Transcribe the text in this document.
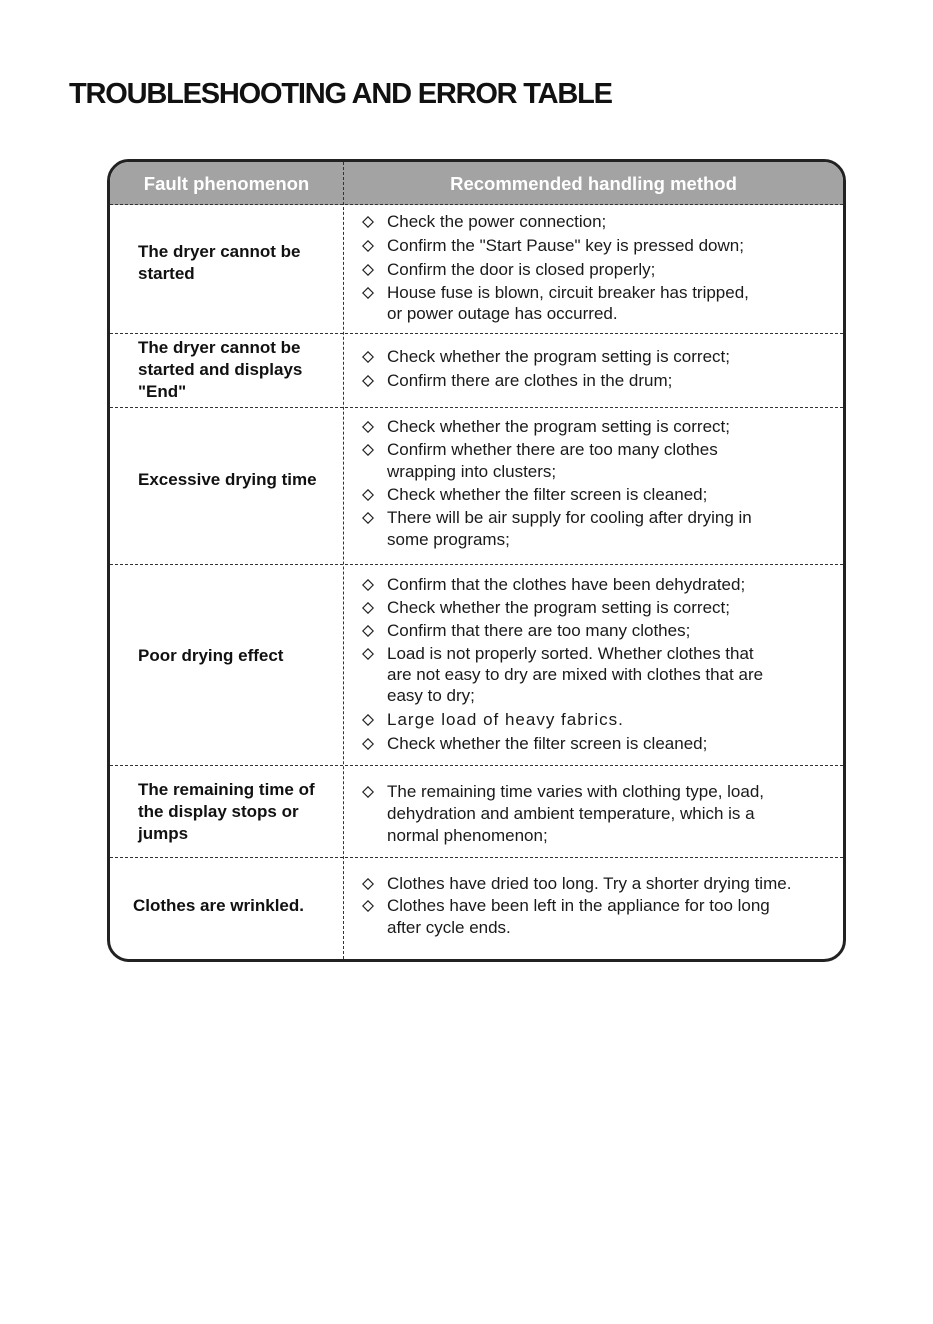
TROUBLESHOOTING AND ERROR TABLE
Fault phenomenon	Recommended handling method
The dryer cannot be
started
Check the power connection;
Confirm the "Start Pause" key is pressed down;
Confirm the door is closed properly;
House fuse is blown, circuit breaker has tripped,
or power outage has occurred.
The dryer cannot be
started and displays
"End"
Check whether the program setting is correct;
Confirm there are clothes in the drum;
Excessive drying time
Check whether the program setting is correct;
Confirm whether there are too many clothes
wrapping into clusters;
Check whether the filter screen is cleaned;
There will be air supply for cooling after drying in
some programs;
Poor drying effect
Confirm that the clothes have been dehydrated;
Check whether the program setting is correct;
Confirm that there are too many clothes;
Load is not properly sorted. Whether clothes that
are not easy to dry are mixed with clothes that are
easy to dry;
Large load of heavy fabrics.
Check whether the filter screen is cleaned;
The remaining time of
the display stops or
jumps
The remaining time varies with clothing type, load,
dehydration and ambient temperature, which is a
normal phenomenon;
Clothes are wrinkled.
Clothes have dried too long. Try a shorter drying time.
Clothes have been left in the appliance for too long
after cycle ends.
